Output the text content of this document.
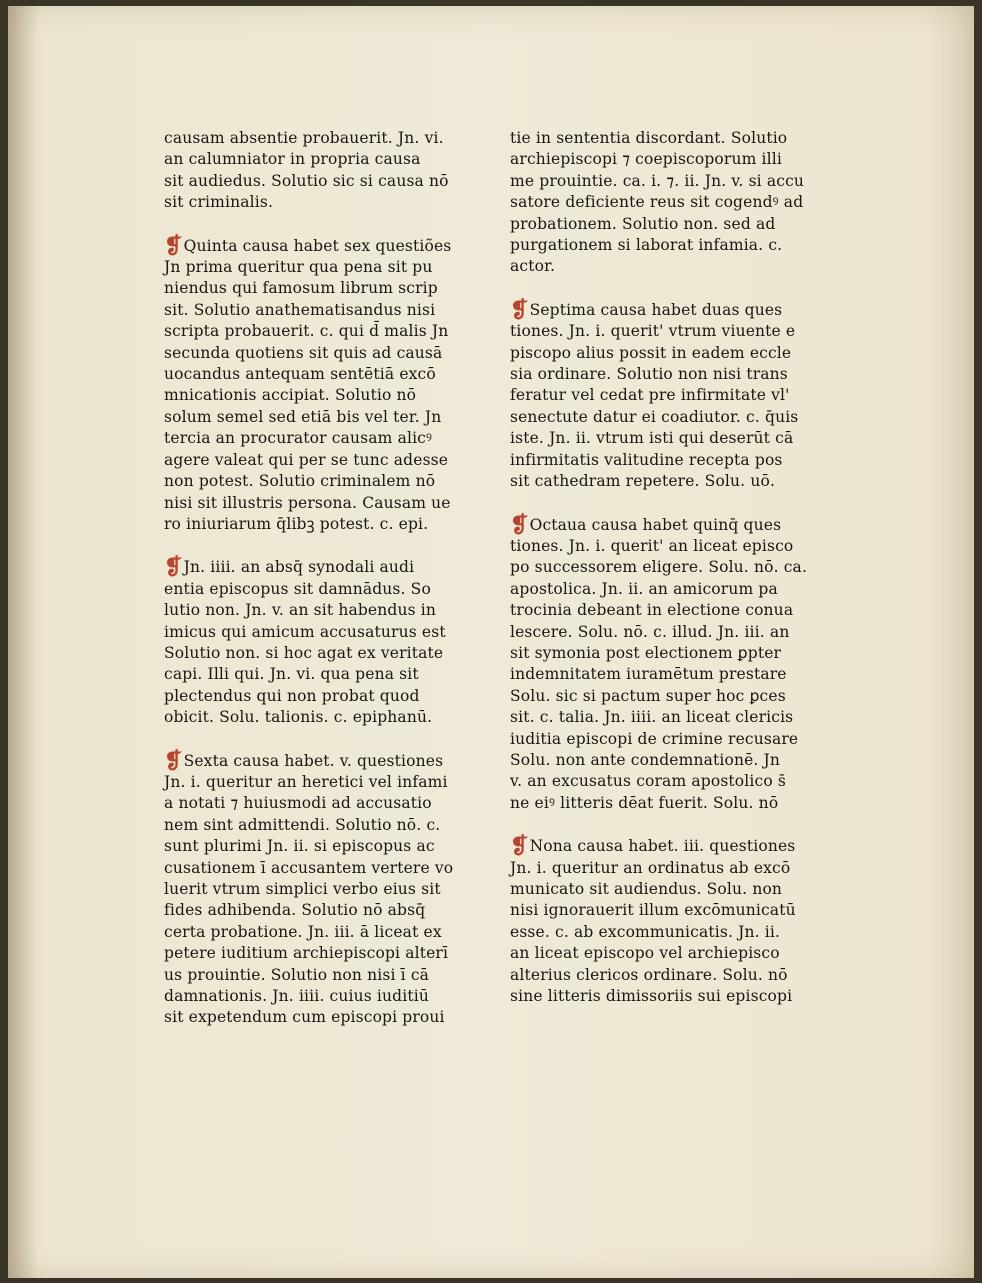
causam absentie probauerit. Jn. vi.
an calumniator in propria causa
sit audiedus. Solutio sic si causa nō
sit criminalis.
❡Quinta causa habet sex questiões
Jn prima queritur qua pena sit pu
niendus qui famosum librum scrip
sit. Solutio anathematisandus nisi
scripta probauerit. c. qui d̄ malis Jn
secunda quotiens sit quis ad causā
uocandus antequam sentētiā excō
mnicationis accipiat. Solutio nō
solum semel sed etiā bis vel ter. Jn
tercia an procurator causam alicꝰ
agere valeat qui per se tunc adesse
non potest. Solutio criminalem nō
nisi sit illustris persona. Causam ue
ro iniuriarum q̄libꝫ potest. c. epi.
❡Jn. iiii. an absq̄ synodali audi
entia episcopus sit damnādus. So
lutio non. Jn. v. an sit habendus in
imicus qui amicum accusaturus est
Solutio non. si hoc agat ex veritate
capi. Illi qui. Jn. vi. qua pena sit
plectendus qui non probat quod
obicit. Solu. talionis. c. epiphanū.
❡Sexta causa habet. v. questiones
Jn. i. queritur an heretici vel infami
a notati ⁊ huiusmodi ad accusatio
nem sint admittendi. Solutio nō. c.
sunt plurimi Jn. ii. si episcopus ac
cusationem ī accusantem vertere vo
luerit vtrum simplici verbo eius sit
fides adhibenda. Solutio nō absq̄
certa probatione. Jn. iii. ā liceat ex
petere iuditium archiepiscopi alterī
us prouintie. Solutio non nisi ī cā
damnationis. Jn. iiii. cuius iuditiū
sit expetendum cum episcopi proui
tie in sententia discordant. Solutio
archiepiscopi ⁊ coepiscoporum illi
me prouintie. ca. i. ⁊. ii. Jn. v. si accu
satore deficiente reus sit cogendꝰ ad
probationem. Solutio non. sed ad
purgationem si laborat infamia. c.
actor.
❡Septima causa habet duas ques
tiones. Jn. i. querit' vtrum viuente e
piscopo alius possit in eadem eccle
sia ordinare. Solutio non nisi trans
feratur vel cedat pre infirmitate vl'
senectute datur ei coadiutor. c. q̄uis
iste. Jn. ii. vtrum isti qui deserūt cā
infirmitatis valitudine recepta pos
sit cathedram repetere. Solu. uō.
❡Octaua causa habet quinq̄ ques
tiones. Jn. i. querit' an liceat episco
po successorem eligere. Solu. nō. ca.
apostolica. Jn. ii. an amicorum pa
trocinia debeant in electione conua
lescere. Solu. nō. c. illud. Jn. iii. an
sit symonia post electionem ꝑpter
indemnitatem iuramētum prestare
Solu. sic si pactum super hoc ꝑces
sit. c. talia. Jn. iiii. an liceat clericis
iuditia episcopi de crimine recusare
Solu. non ante condemnationē. Jn
v. an excusatus coram apostolico s̄
ne eiꝰ litteris dēat fuerit. Solu. nō
❡Nona causa habet. iii. questiones
Jn. i. queritur an ordinatus ab excō
municato sit audiendus. Solu. non
nisi ignorauerit illum excōmunicatū
esse. c. ab excommunicatis. Jn. ii.
an liceat episcopo vel archiepisco
alterius clericos ordinare. Solu. nō
sine litteris dimissoriis sui episcopi
